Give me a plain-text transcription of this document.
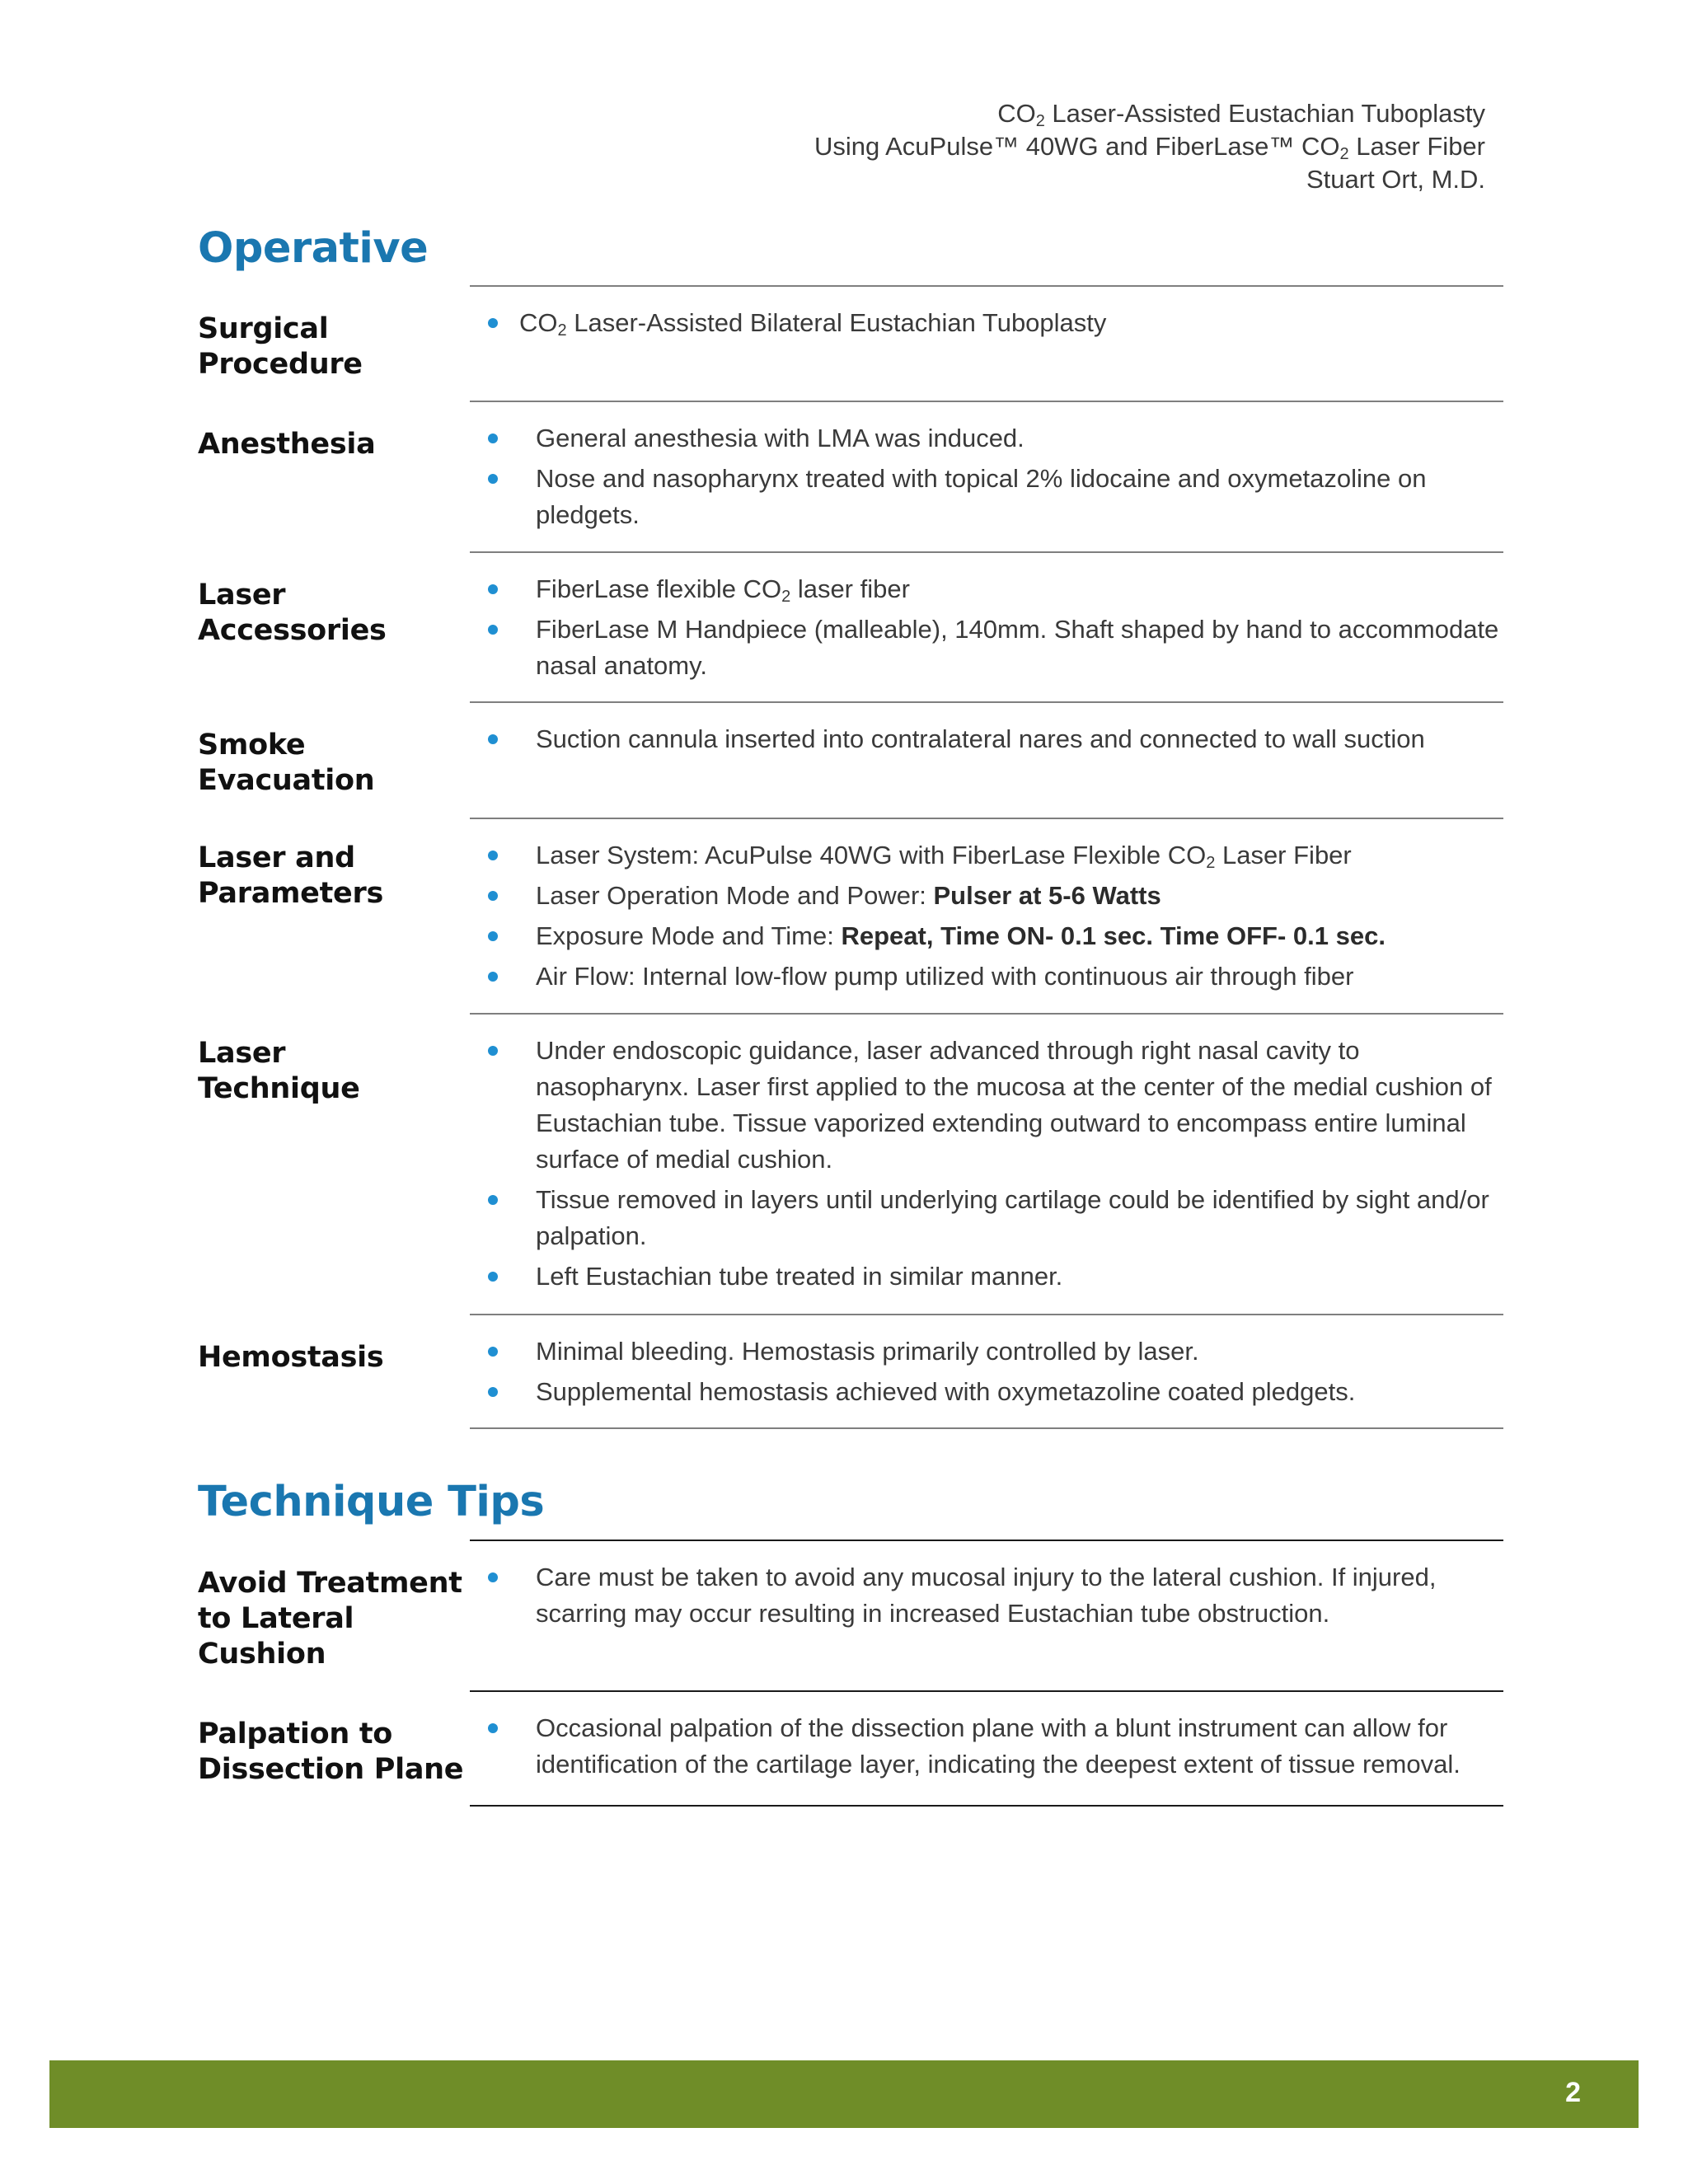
$CO_2$ Laser-Assisted Eustachian Tuboplasty
Using AcuPulse™ 40WG and FiberLase™ $CO_2$ Laser Fiber
Stuart Ort, M.D.
Operative
Surgical
Procedure
$CO_2$ Laser-Assisted Bilateral Eustachian Tuboplasty
Anesthesia	General anesthesia with LMA was induced.
Nose and nasopharynx treated with topical 2% lidocaine and oxymetazoline on pledgets.
Laser
Accessories
FiberLase flexible $CO_2$ laser fiber
FiberLase M Handpiece (malleable), 140mm. Shaft shaped by hand to accommodate nasal anatomy.
Smoke
Evacuation
Suction cannula inserted into contralateral nares and connected to wall suction
Laser and
Parameters
Laser System: AcuPulse 40WG with FiberLase Flexible $CO_2$ Laser Fiber
Laser Operation Mode and Power: Pulser at 5-6 Watts
Exposure Mode and Time: Repeat, Time ON- 0.1 sec. Time OFF- 0.1 sec.
Air Flow: Internal low-flow pump utilized with continuous air through fiber
Laser
Technique
Under endoscopic guidance, laser advanced through right nasal cavity to nasopharynx. Laser first applied to the mucosa at the center of the medial cushion of Eustachian tube. Tissue vaporized extending outward to encompass entire luminal surface of medial cushion.
Tissue removed in layers until underlying cartilage could be identified by sight and/or palpation.
Left Eustachian tube treated in similar manner.
Hemostasis	Minimal bleeding. Hemostasis primarily controlled by laser.
Supplemental hemostasis achieved with oxymetazoline coated pledgets.
Technique Tips
Avoid Treatment
to Lateral
Cushion
Care must be taken to avoid any mucosal injury to the lateral cushion. If injured, scarring may occur resulting in increased Eustachian tube obstruction.
Palpation to
Dissection Plane
Occasional palpation of the dissection plane with a blunt instrument can allow for identification of the cartilage layer, indicating the deepest extent of tissue removal.
2
